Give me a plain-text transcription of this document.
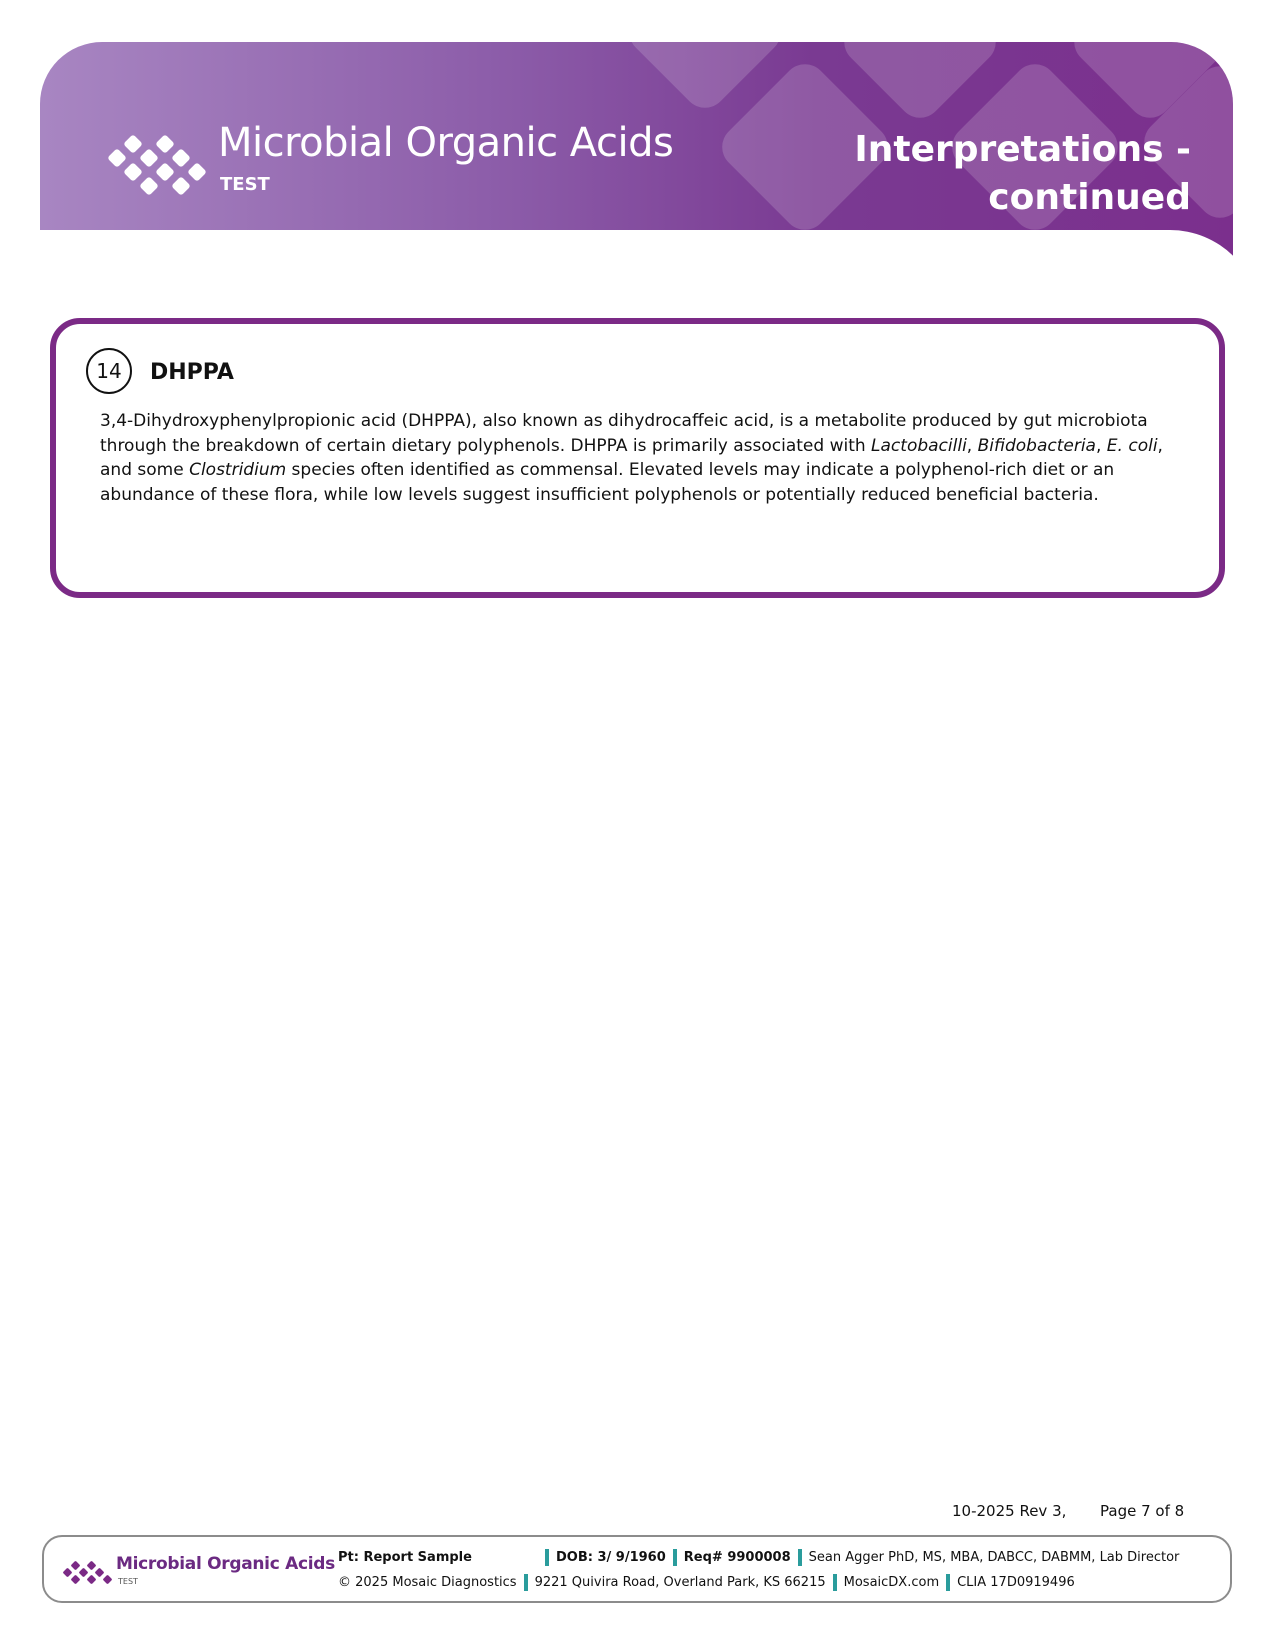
Microbial Organic Acids
TEST
Interpretations -
continued
14	DHPPA

3,4-Dihydroxyphenylpropionic acid (DHPPA), also known as dihydrocaffeic acid, is a metabolite produced by gut microbiota through the breakdown of certain dietary polyphenols. DHPPA is primarily associated with Lactobacilli, Bifidobacteria, E. coli, and some Clostridium species often identified as commensal. Elevated levels may indicate a polyphenol-rich diet or an abundance of these flora, while low levels suggest insufficient polyphenols or potentially reduced beneficial bacteria.

10-2025 Rev 3, Page 7 of 8
Microbial Organic Acids
TEST
Pt: Report Sample	DOB: 3/ 9/1960 Req# 9900008 Sean Agger PhD, MS, MBA, DABCC, DABMM, Lab Director
© 2025 Mosaic Diagnostics 9221 Quivira Road, Overland Park, KS 66215 MosaicDX.com CLIA 17D0919496
